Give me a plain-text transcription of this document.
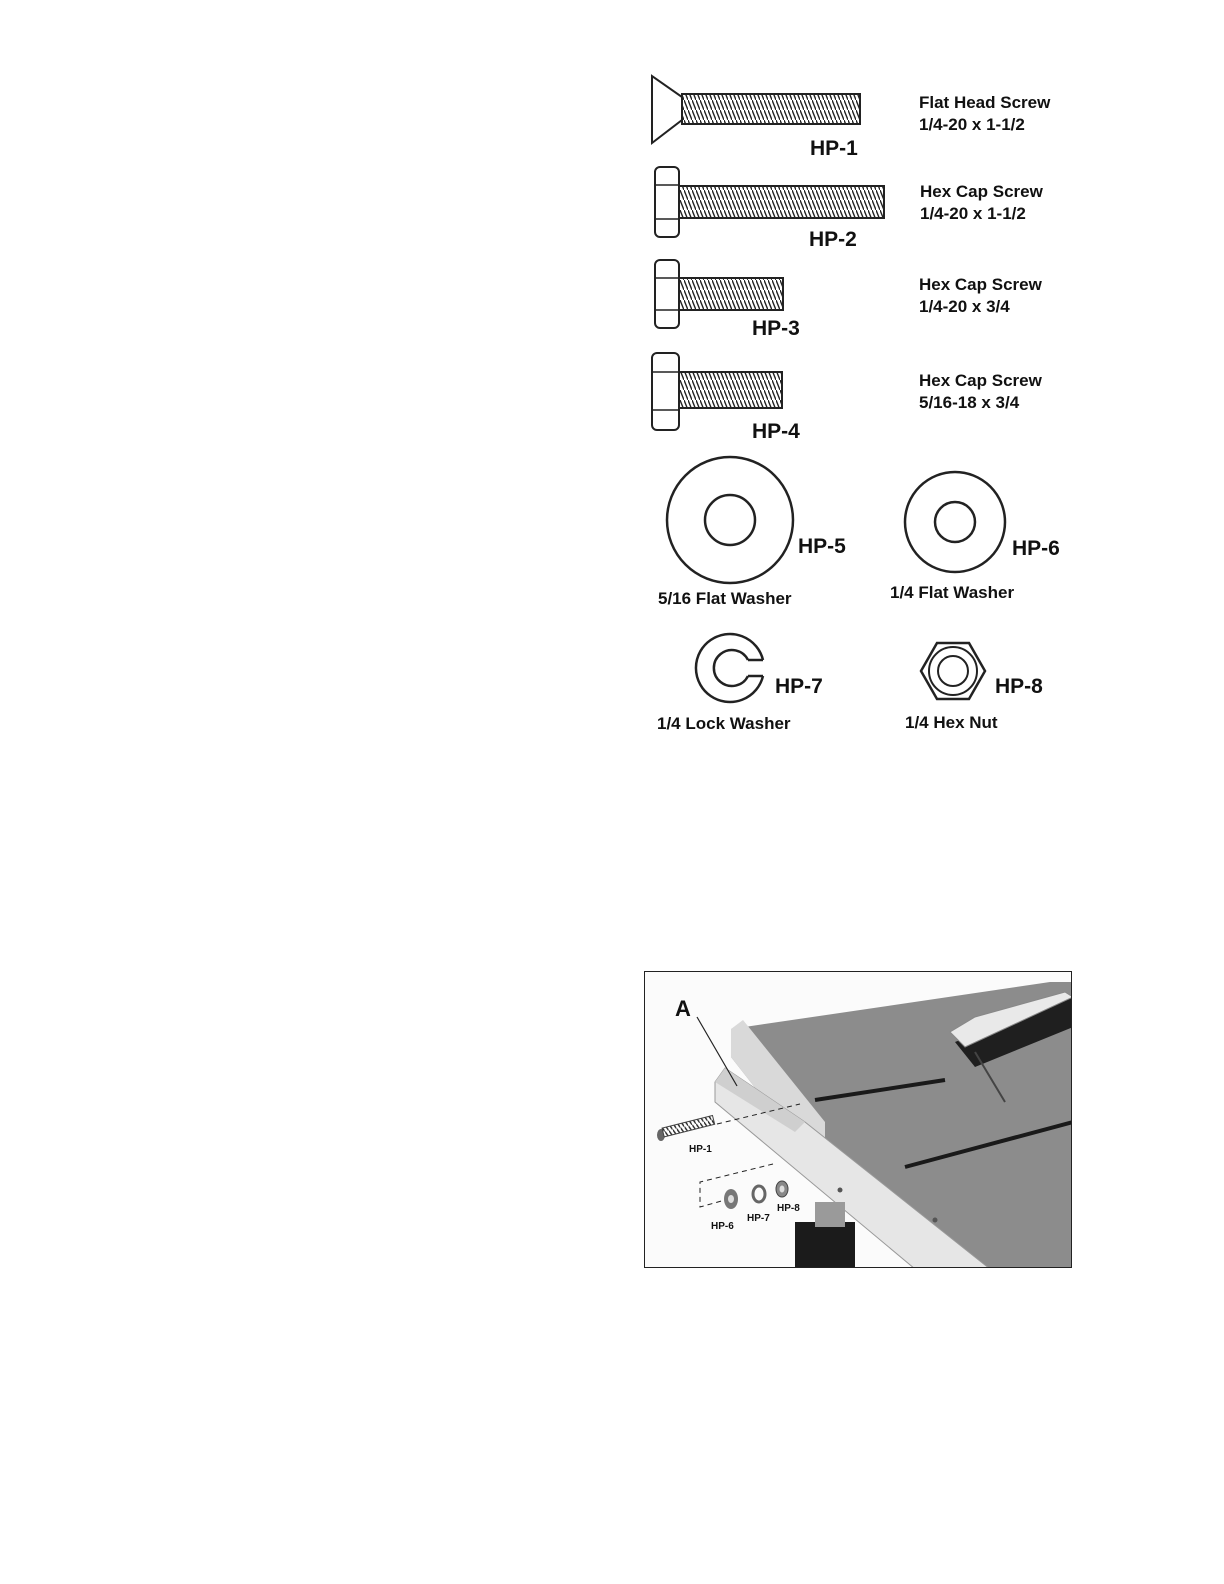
HP-1
Flat Head Screw
1/4-20 x 1-1/2
HP-2
Hex Cap Screw
1/4-20 x 1-1/2
HP-3
Hex Cap Screw
1/4-20 x 3/4
HP-4
Hex Cap Screw
5/16-18 x 3/4
HP-5
5/16 Flat Washer
HP-6
1/4 Flat Washer
HP-7
1/4 Lock Washer
HP-8
1/4 Hex Nut
A
HP-1
HP-6
HP-7
HP-8
